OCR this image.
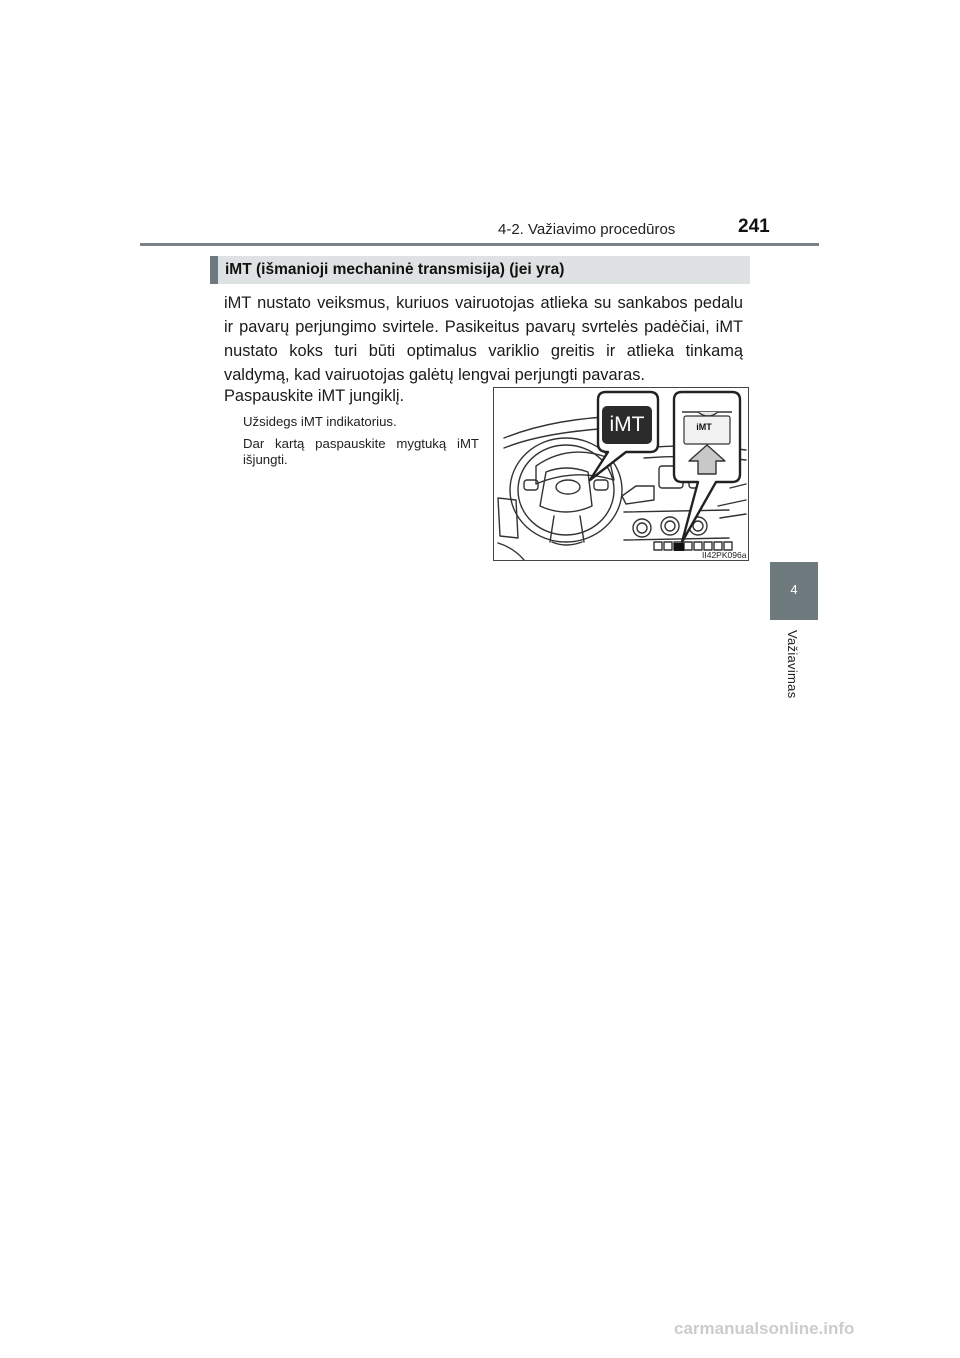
4-2. Važiavimo procedūros	241
4
Važiavimas
iMT (išmanioji mechaninė transmisija) (jei yra)

iMT nustato veiksmus, kuriuos vairuotojas atlieka su sankabos pedalu ir pavarų perjungimo svirtele. Pasikeitus pavarų svrtelės padėčiai, iMT nustato koks turi būti optimalus variklio greitis ir atlieka tinkamą valdymą, kad vairuotojas galėtų lengvai perjungti pavaras.

Paspauskite iMT jungiklį.

Užsidegs iMT indikatorius.

Dar kartą paspauskite mygtuką iMT išjungti.

iMT	iMT
II42PK096a
carmanualsonline.info
